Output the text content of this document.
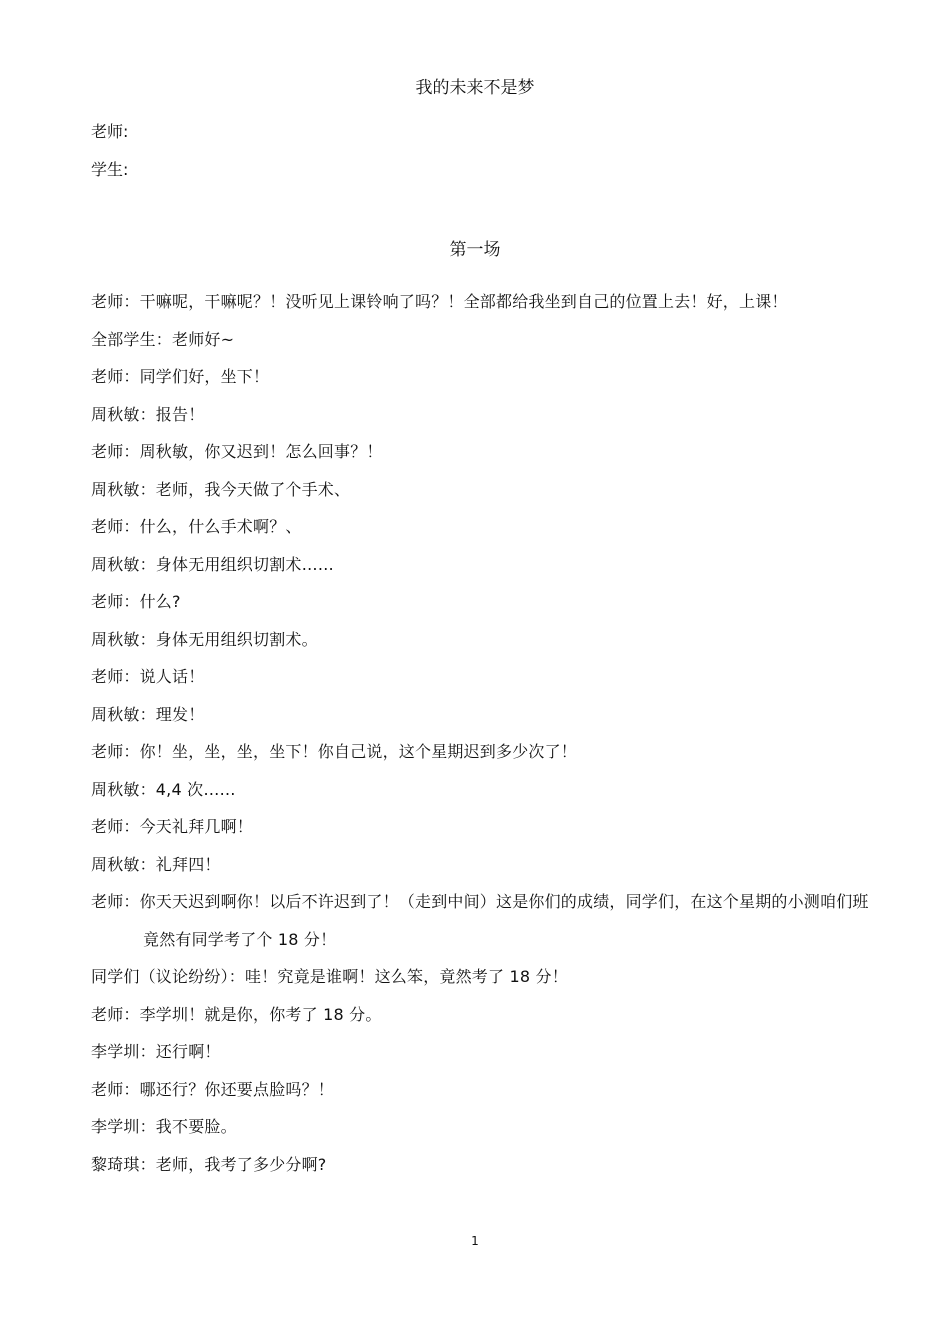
我的未来不是梦
老师:
学生:
第一场
老师：干嘛呢，干嘛呢？！没听见上课铃响了吗？！全部都给我坐到自己的位置上去！好，上课！
全部学生：老师好~
老师：同学们好，坐下！
周秋敏：报告！
老师：周秋敏，你又迟到！怎么回事？！
周秋敏：老师，我今天做了个手术、
老师：什么，什么手术啊？、
周秋敏：身体无用组织切割术……
老师：什么?
周秋敏：身体无用组织切割术。
老师：说人话！
周秋敏：理发！
老师：你！坐，坐，坐，坐下！你自己说，这个星期迟到多少次了！
周秋敏：4,4 次……
老师：今天礼拜几啊！
周秋敏：礼拜四！
老师：你天天迟到啊你！以后不许迟到了！（走到中间）这是你们的成绩，同学们，在这个星期的小测咱们班竟然有同学考了个 18 分！
同学们（议论纷纷）：哇！究竟是谁啊！这么笨，竟然考了 18 分！
老师：李学圳！就是你，你考了 18 分。
李学圳：还行啊！
老师：哪还行？你还要点脸吗？！
李学圳：我不要脸。
黎琦琪：老师，我考了多少分啊?
1
